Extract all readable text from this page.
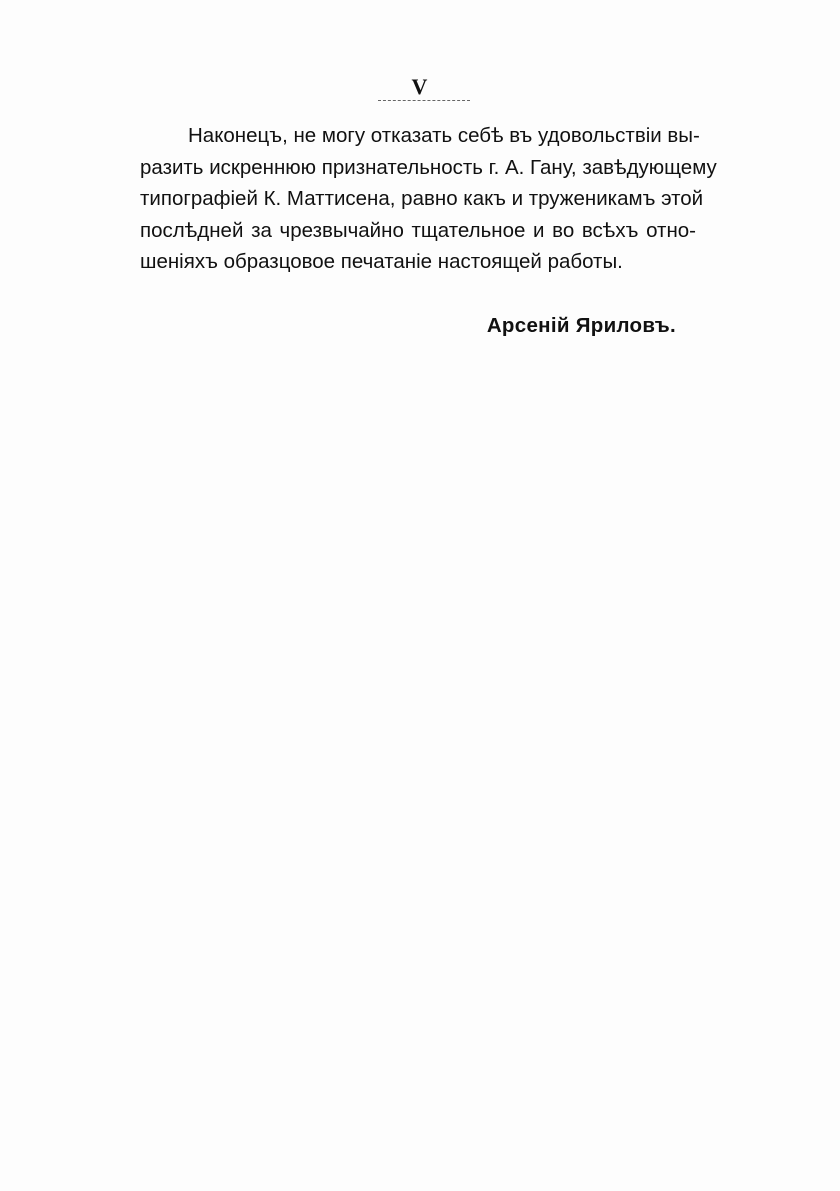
V
Наконецъ, не могу отказать себѣ въ удовольствіи вы-
разить искреннюю признательность г. А. Гану, завѣдующему
типографіей К. Маттисена, равно какъ и труженикамъ этой
послѣдней за чрезвычайно тщательное и во всѣхъ отно-
шеніяхъ образцовое печатаніе настоящей работы.
Арсеній Яриловъ.
